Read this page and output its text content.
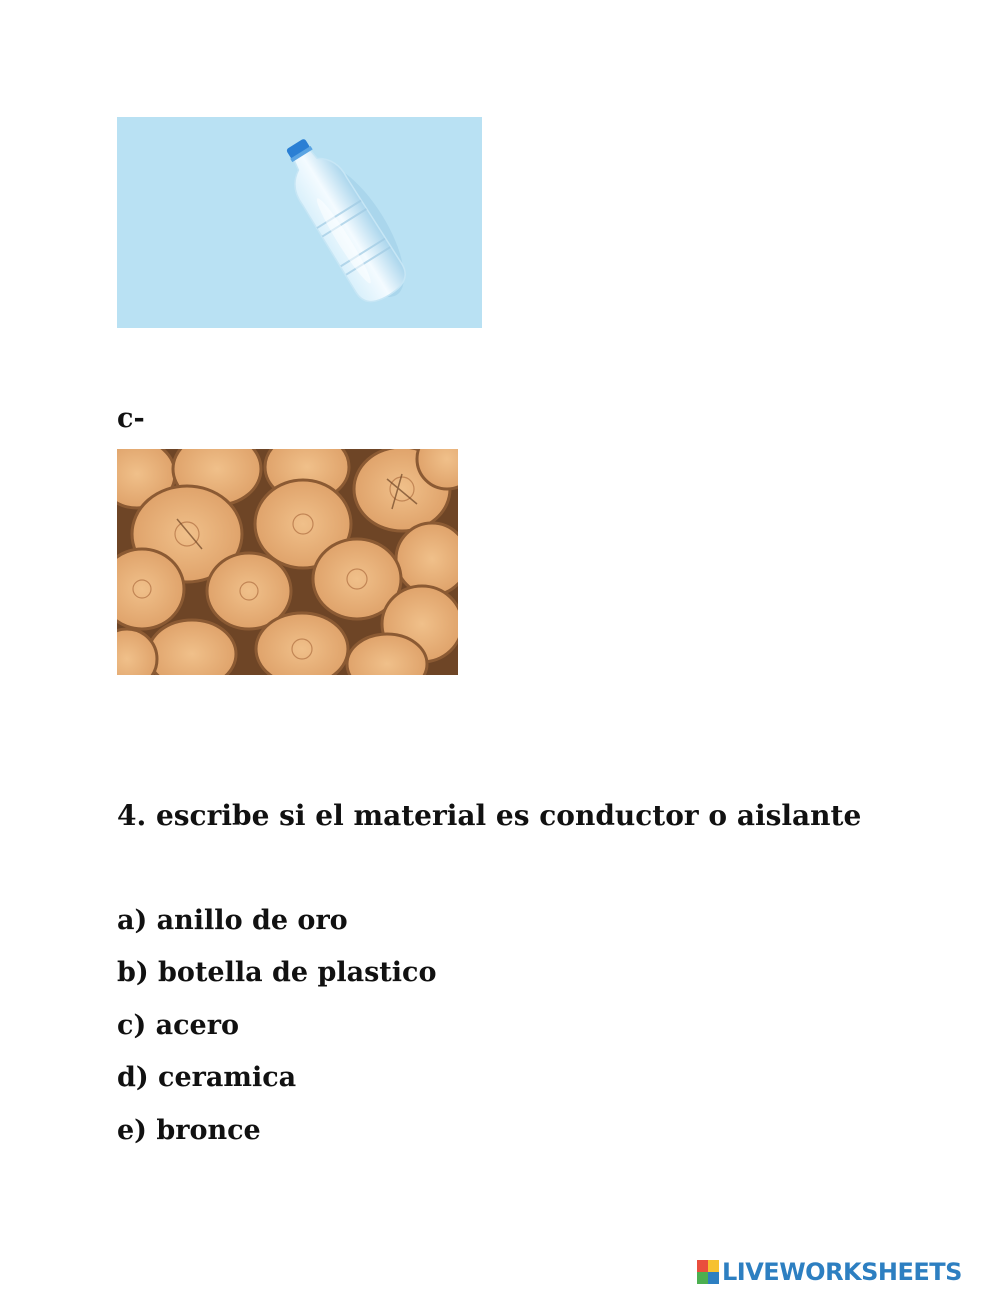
c-
4. escribe si el material es conductor o aislante
a) anillo de oro
b) botella de plastico
c) acero
d) ceramica
e) bronce
LIVEWORKSHEETS
